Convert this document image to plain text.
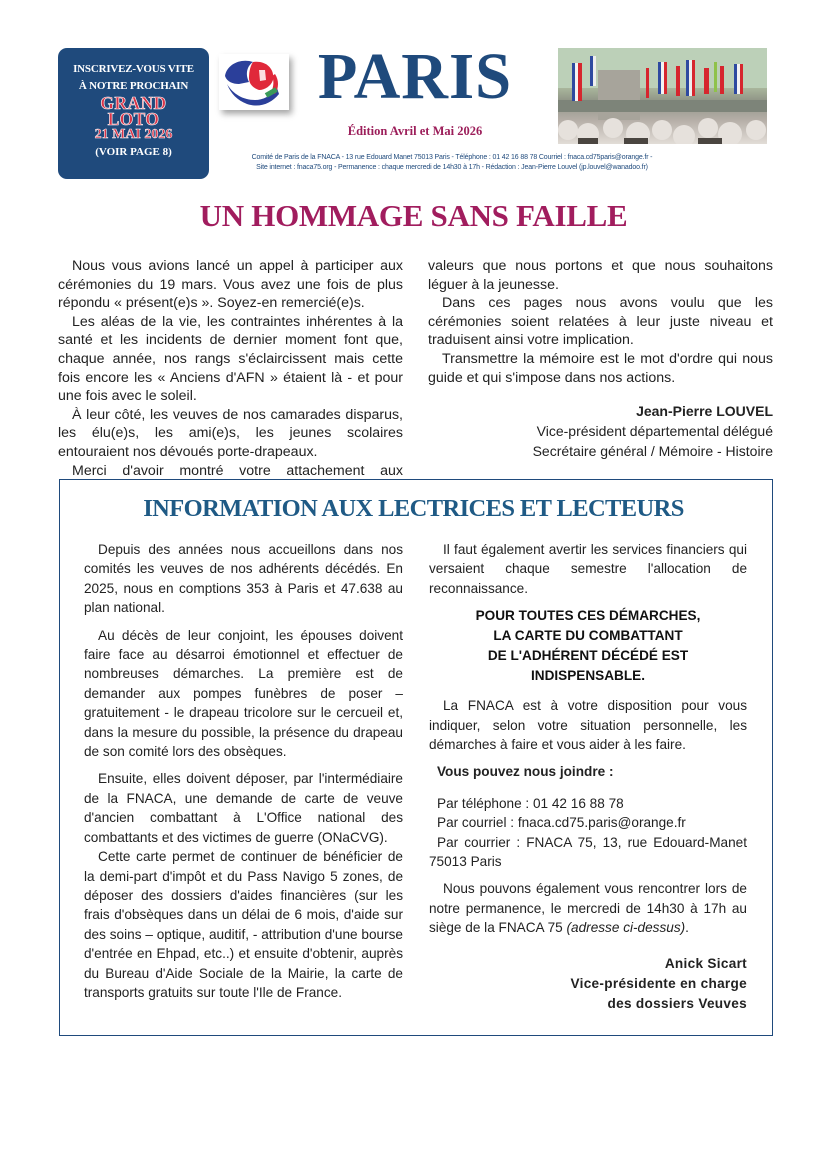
INSCRIVEZ-VOUS VITE
À NOTRE PROCHAIN
GRAND
LOTO
21 MAI 2026
(VOIR PAGE 8)
PARIS
Édition Avril et Mai 2026
Comité de Paris de la FNACA - 13 rue Edouard Manet 75013 Paris - Téléphone : 01 42 16 88 78 Courriel : fnaca.cd75paris@orange.fr -
Site internet : fnaca75.org - Permanence : chaque mercredi de 14h30 à 17h - Rédaction : Jean-Pierre Louvel (jp.louvel@wanadoo.fr)
UN HOMMAGE SANS FAILLE

Nous vous avions lancé un appel à participer aux cérémonies du 19 mars. Vous avez une fois de plus répondu « présent(e)s ». Soyez-en remercié(e)s.

Les aléas de la vie, les contraintes inhérentes à la santé et les incidents de dernier moment font que, chaque année, nos rangs s'éclaircissent mais cette fois encore les « Anciens d'AFN » étaient là - et pour une fois avec le soleil.

À leur côté, les veuves de nos camarades disparus, les élu(e)s, les ami(e)s, les jeunes scolaires entouraient nos dévoués porte-drapeaux.

Merci d'avoir montré votre attachement aux

valeurs que nous portons et que nous souhaitons léguer à la jeunesse.

Dans ces pages nous avons voulu que les cérémonies soient relatées à leur juste niveau et traduisent ainsi votre implication.

Transmettre la mémoire est le mot d'ordre qui nous guide et qui s'impose dans nos actions.

Jean-Pierre LOUVEL
Vice-président départemental délégué
Secrétaire général / Mémoire - Histoire
INFORMATION AUX LECTRICES ET LECTEURS

Depuis des années nous accueillons dans nos comités les veuves de nos adhérents décédés. En 2025, nous en comptions 353 à Paris et 47.638 au plan national.

Au décès de leur conjoint, les épouses doivent faire face au désarroi émotionnel et effectuer de nombreuses démarches. La première est de demander aux pompes funèbres de poser – gratuitement - le drapeau tricolore sur le cercueil et, dans la mesure du possible, la présence du drapeau de son comité lors des obsèques.

Ensuite, elles doivent déposer, par l'intermédiaire de la FNACA, une demande de carte de veuve d'ancien combattant à L'Office national des combattants et des victimes de guerre (ONaCVG).

Cette carte permet de continuer de bénéficier de la demi-part d'impôt et du Pass Navigo 5 zones, de déposer des dossiers d'aides financières (sur les frais d'obsèques dans un délai de 6 mois, d'aide sur des soins – optique, auditif, - attribution d'une bourse d'entrée en Ehpad, etc..) et ensuite d'obtenir, auprès du Bureau d'Aide Sociale de la Mairie, la carte de transports gratuits sur toute l'Ile de France.

Il faut également avertir les services financiers qui versaient chaque semestre l'allocation de reconnaissance.

POUR TOUTES CES DÉMARCHES,
LA CARTE DU COMBATTANT
DE L'ADHÉRENT DÉCÉDÉ EST
INDISPENSABLE.

La FNACA est à votre disposition pour vous indiquer, selon votre situation personnelle, les démarches à faire et vous aider à les faire.

Vous pouvez nous joindre :
Par téléphone : 01 42 16 88 78
Par courriel : fnaca.cd75.paris@orange.fr
Par courrier : FNACA 75, 13, rue Edouard-Manet 75013 Paris

Nous pouvons également vous rencontrer lors de notre permanence, le mercredi de 14h30 à 17h au siège de la FNACA 75 (adresse ci-dessus).

Anick Sicart
Vice-présidente en charge
des dossiers Veuves
